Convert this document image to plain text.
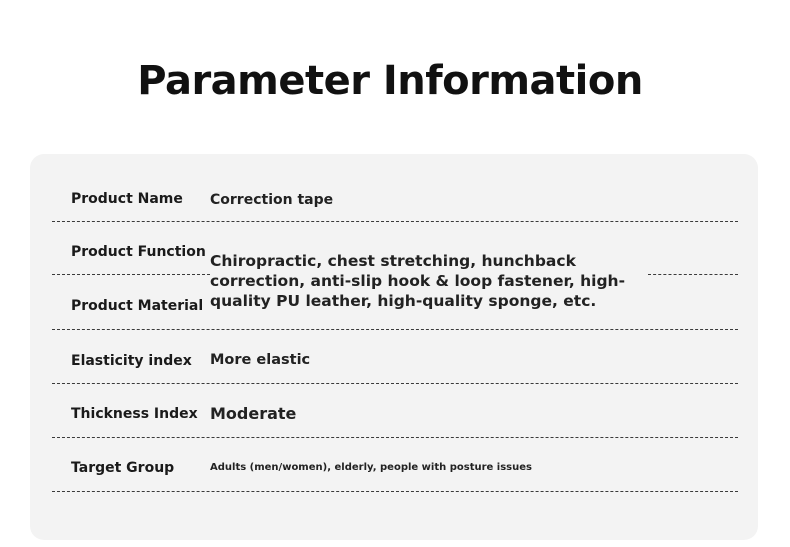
Parameter Information
Product Name Correction tape
Product Function Chiropractic, chest stretching, hunchback correction, anti-slip hook & loop fastener, high-quality PU leather, high-quality sponge, etc.
Product Material
Elasticity index More elastic
Thickness Index Moderate
Target Group	Adults (men/women), elderly, people with posture issues
